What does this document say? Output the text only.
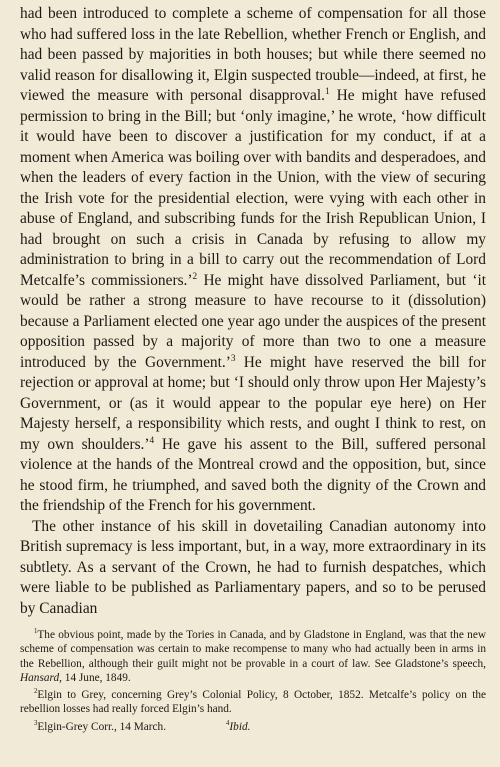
had been introduced to complete a scheme of compensation for all those who had suffered loss in the late Rebellion, whether French or English, and had been passed by majorities in both houses; but while there seemed no valid reason for disallowing it, Elgin suspected trouble—indeed, at first, he viewed the measure with personal disapproval.$^1$ He might have refused permission to bring in the Bill; but ‘only imagine,’ he wrote, ‘how difficult it would have been to discover a justification for my conduct, if at a moment when America was boiling over with bandits and desperadoes, and when the leaders of every faction in the Union, with the view of securing the Irish vote for the presidential election, were vying with each other in abuse of England, and subscribing funds for the Irish Republican Union, I had brought on such a crisis in Canada by refusing to allow my administration to bring in a bill to carry out the recommendation of Lord Metcalfe’s commissioners.’$^2$ He might have dissolved Parliament, but ‘it would be rather a strong measure to have recourse to it (dissolution) because a Parliament elected one year ago under the auspices of the present opposition passed by a majority of more than two to one a measure introduced by the Government.’$^3$ He might have reserved the bill for rejection or approval at home; but ‘I should only throw upon Her Majesty’s Government, or (as it would appear to the popular eye here) on Her Majesty herself, a responsibility which rests, and ought I think to rest, on my own shoulders.’$^4$ He gave his assent to the Bill, suffered personal violence at the hands of the Montreal crowd and the opposition, but, since he stood firm, he triumphed, and saved both the dignity of the Crown and the friendship of the French for his government.

The other instance of his skill in dovetailing Canadian autonomy into British supremacy is less important, but, in a way, more extraordinary in its subtlety. As a servant of the Crown, he had to furnish despatches, which were liable to be published as Parliamentary papers, and so to be perused by Canadian

$^1$The obvious point, made by the Tories in Canada, and by Gladstone in England, was that the new scheme of compensation was certain to make recompense to many who had actually been in arms in the Rebellion, although their guilt might not be provable in a court of law. See Gladstone’s speech, Hansard, 14 June, 1849.

$^2$Elgin to Grey, concerning Grey’s Colonial Policy, 8 October, 1852. Metcalfe’s policy on the rebellion losses had really forced Elgin’s hand.

$^3$Elgin-Grey Corr., 14 March.	$^4$Ibid.
